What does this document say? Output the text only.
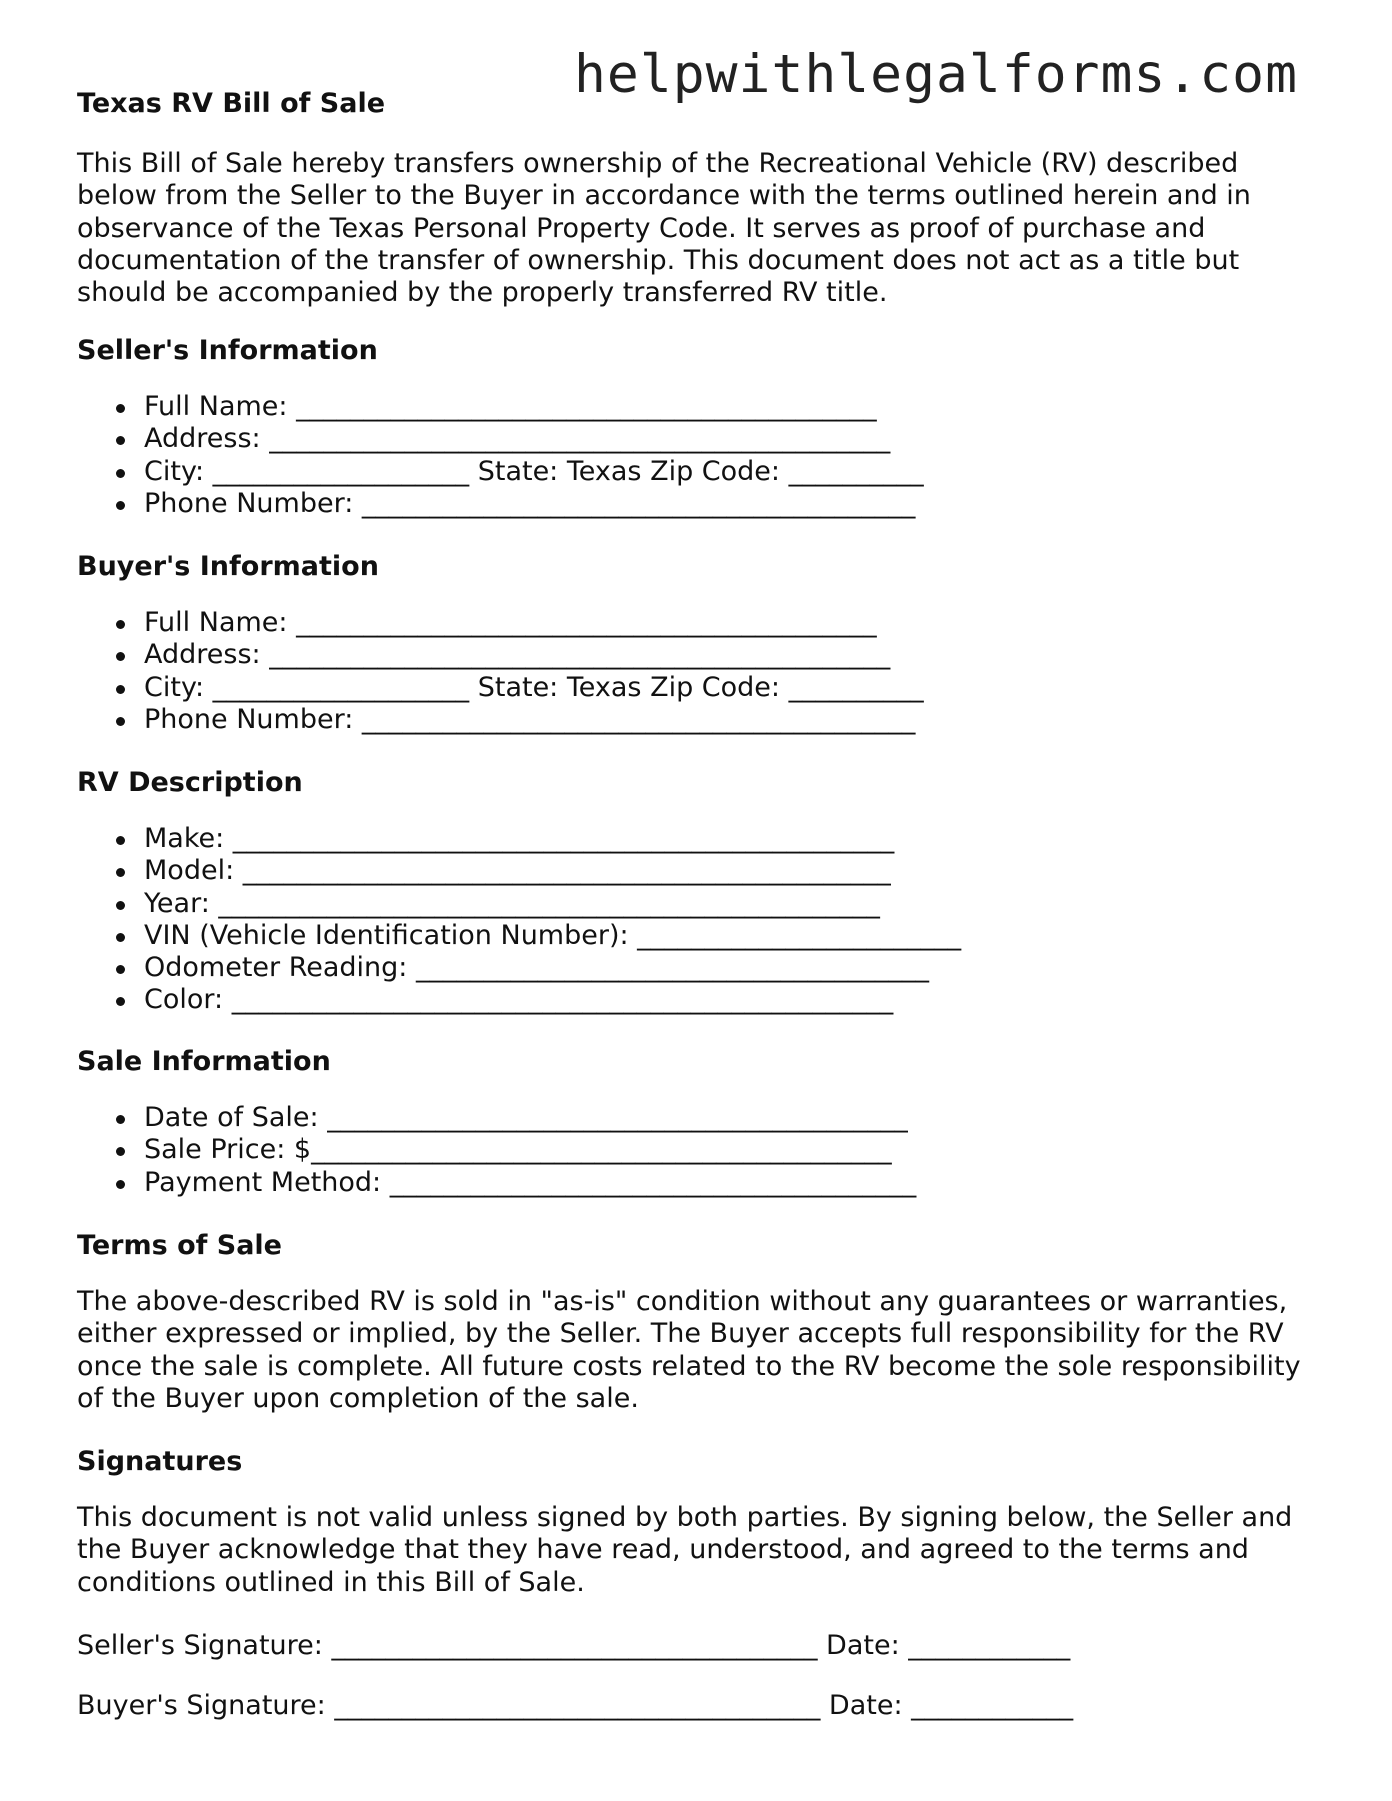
helpwithlegalforms.com
Texas RV Bill of Sale

This Bill of Sale hereby transfers ownership of the Recreational Vehicle (RV) described below from the Seller to the Buyer in accordance with the terms outlined herein and in observance of the Texas Personal Property Code. It serves as proof of purchase and documentation of the transfer of ownership. This document does not act as a title but should be accompanied by the properly transferred RV title.

Seller's Information
Full Name: ___________________________________________
Address: ______________________________________________
City: ___________________ State: Texas Zip Code: __________
Phone Number: _________________________________________
Buyer's Information
Full Name: ___________________________________________
Address: ______________________________________________
City: ___________________ State: Texas Zip Code: __________
Phone Number: _________________________________________
RV Description
Make: _________________________________________________
Model: ________________________________________________
Year: _________________________________________________
VIN (Vehicle Identification Number): ________________________
Odometer Reading: ______________________________________
Color: _________________________________________________
Sale Information
Date of Sale: ___________________________________________
Sale Price: $___________________________________________
Payment Method: _______________________________________
Terms of Sale

The above-described RV is sold in "as-is" condition without any guarantees or warranties, either expressed or implied, by the Seller. The Buyer accepts full responsibility for the RV once the sale is complete. All future costs related to the RV become the sole responsibility of the Buyer upon completion of the sale.

Signatures

This document is not valid unless signed by both parties. By signing below, the Seller and the Buyer acknowledge that they have read, understood, and agreed to the terms and conditions outlined in this Bill of Sale.

Seller's Signature: ____________________________________ Date: ____________

Buyer's Signature: ____________________________________ Date: ____________
